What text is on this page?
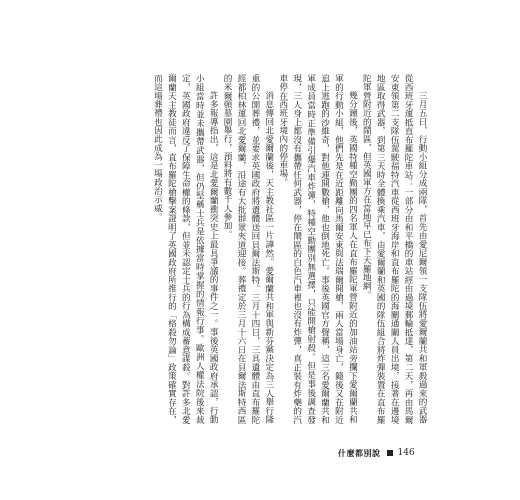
三月五日，行動小組分成兩隊，首先由愛尼爾領一支隊伍將愛爾蘭共和軍殺過來的武器從西班牙運抵直布羅陀車站：一部分由和平橋的車站經由過境郵輪抵達，第二天，再由馬爾安東領第二支隊伍駕駛福特汽車從西班牙海岸和直布羅陀的海關通關人員出境，接著在邊境地區取得武器，到第三天時全體換乘汽車，由愛爾蘭和英國的隊伍組合將炸彈裝置在直布羅陀軍營附近的鬧區，但英國軍方在當地早已布下天羅地網。

幾分鐘後，英國特種空勤團的四名軍人在直布羅陀軍營附近的加油站旁攔下愛爾蘭共和軍的行動小組，他們先是在近距離向馬爾安東與法瑞爾開槍，兩人當場身亡，隨後又在附近追上逃跑的沙維奇，對他連開數槍，他也倒地死亡。事後英國官方聲稱，這三名愛爾蘭共和軍成員當時正準備引爆汽車炸彈，特種空勤團別無選擇，只能開槍射殺。但是事後調查發現，三人身上都沒有攜帶任何武器，停在鬧區的白色汽車裡也沒有炸彈，真正裝有炸藥的汽車停在西班牙境內的停車場。

消息傳回北愛爾蘭後，天主教社區一片譁然。愛爾蘭共和軍與新芬黨決定為三人舉行隆重的公開葬禮，並要求英國政府將遺體送回貝爾法斯特。三月十四日，三具遺體由直布羅陀經都柏林運回北愛爾蘭，沿途有大批群眾夾道迎接。葬禮定於三月十六日在貝爾法斯特西區的米爾頓墓園舉行，預料將有數千人參加。

許多報導指出，這是北愛爾蘭衝突史上最具爭議的事件之一。事後英國政府承認，行動小組當時並未攜帶武器，但仍堅稱士兵是依據當時掌握的情報行事。歐洲人權法院後來裁定，英國政府違反了保障生命權的條款，但並未認定士兵的行為構成蓄意謀殺。對許多北愛爾蘭天主教徒而言，直布羅陀槍擊案證明了英國政府所推行的「格殺勿論」政策確實存在，而這場葬禮也因此成為一場政治示威。

什麼都別說 146
